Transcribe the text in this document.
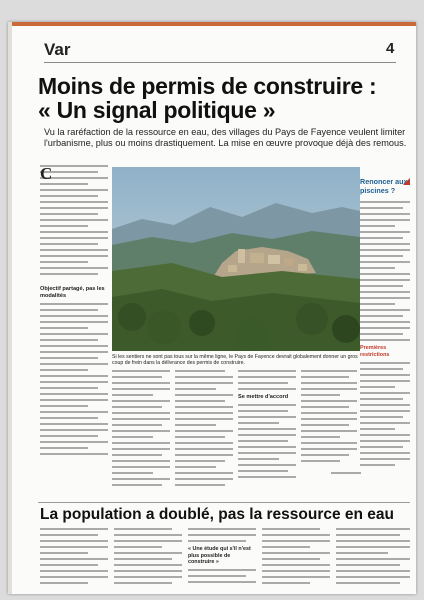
Var	4
Moins de permis de construire :
« Un signal politique »

Vu la raréfaction de la ressource en eau, des villages du Pays de Fayence veulent limiter l'urbanisme, plus ou moins drastiquement. La mise en œuvre provoque déjà des remous.

C
Objectif partagé, pas les modalités

Si les sentiers ne sont pas tous sur la même ligne, le Pays de Fayence devrait globalement donner un gros coup de frein dans la délivrance des permis de construire.

Se mettre d'accord
Renoncer aux piscines ?
Premières restrictions
La population a doublé, pas la ressource en eau
« Une étude qui s'il n'est plus possible de construire »
